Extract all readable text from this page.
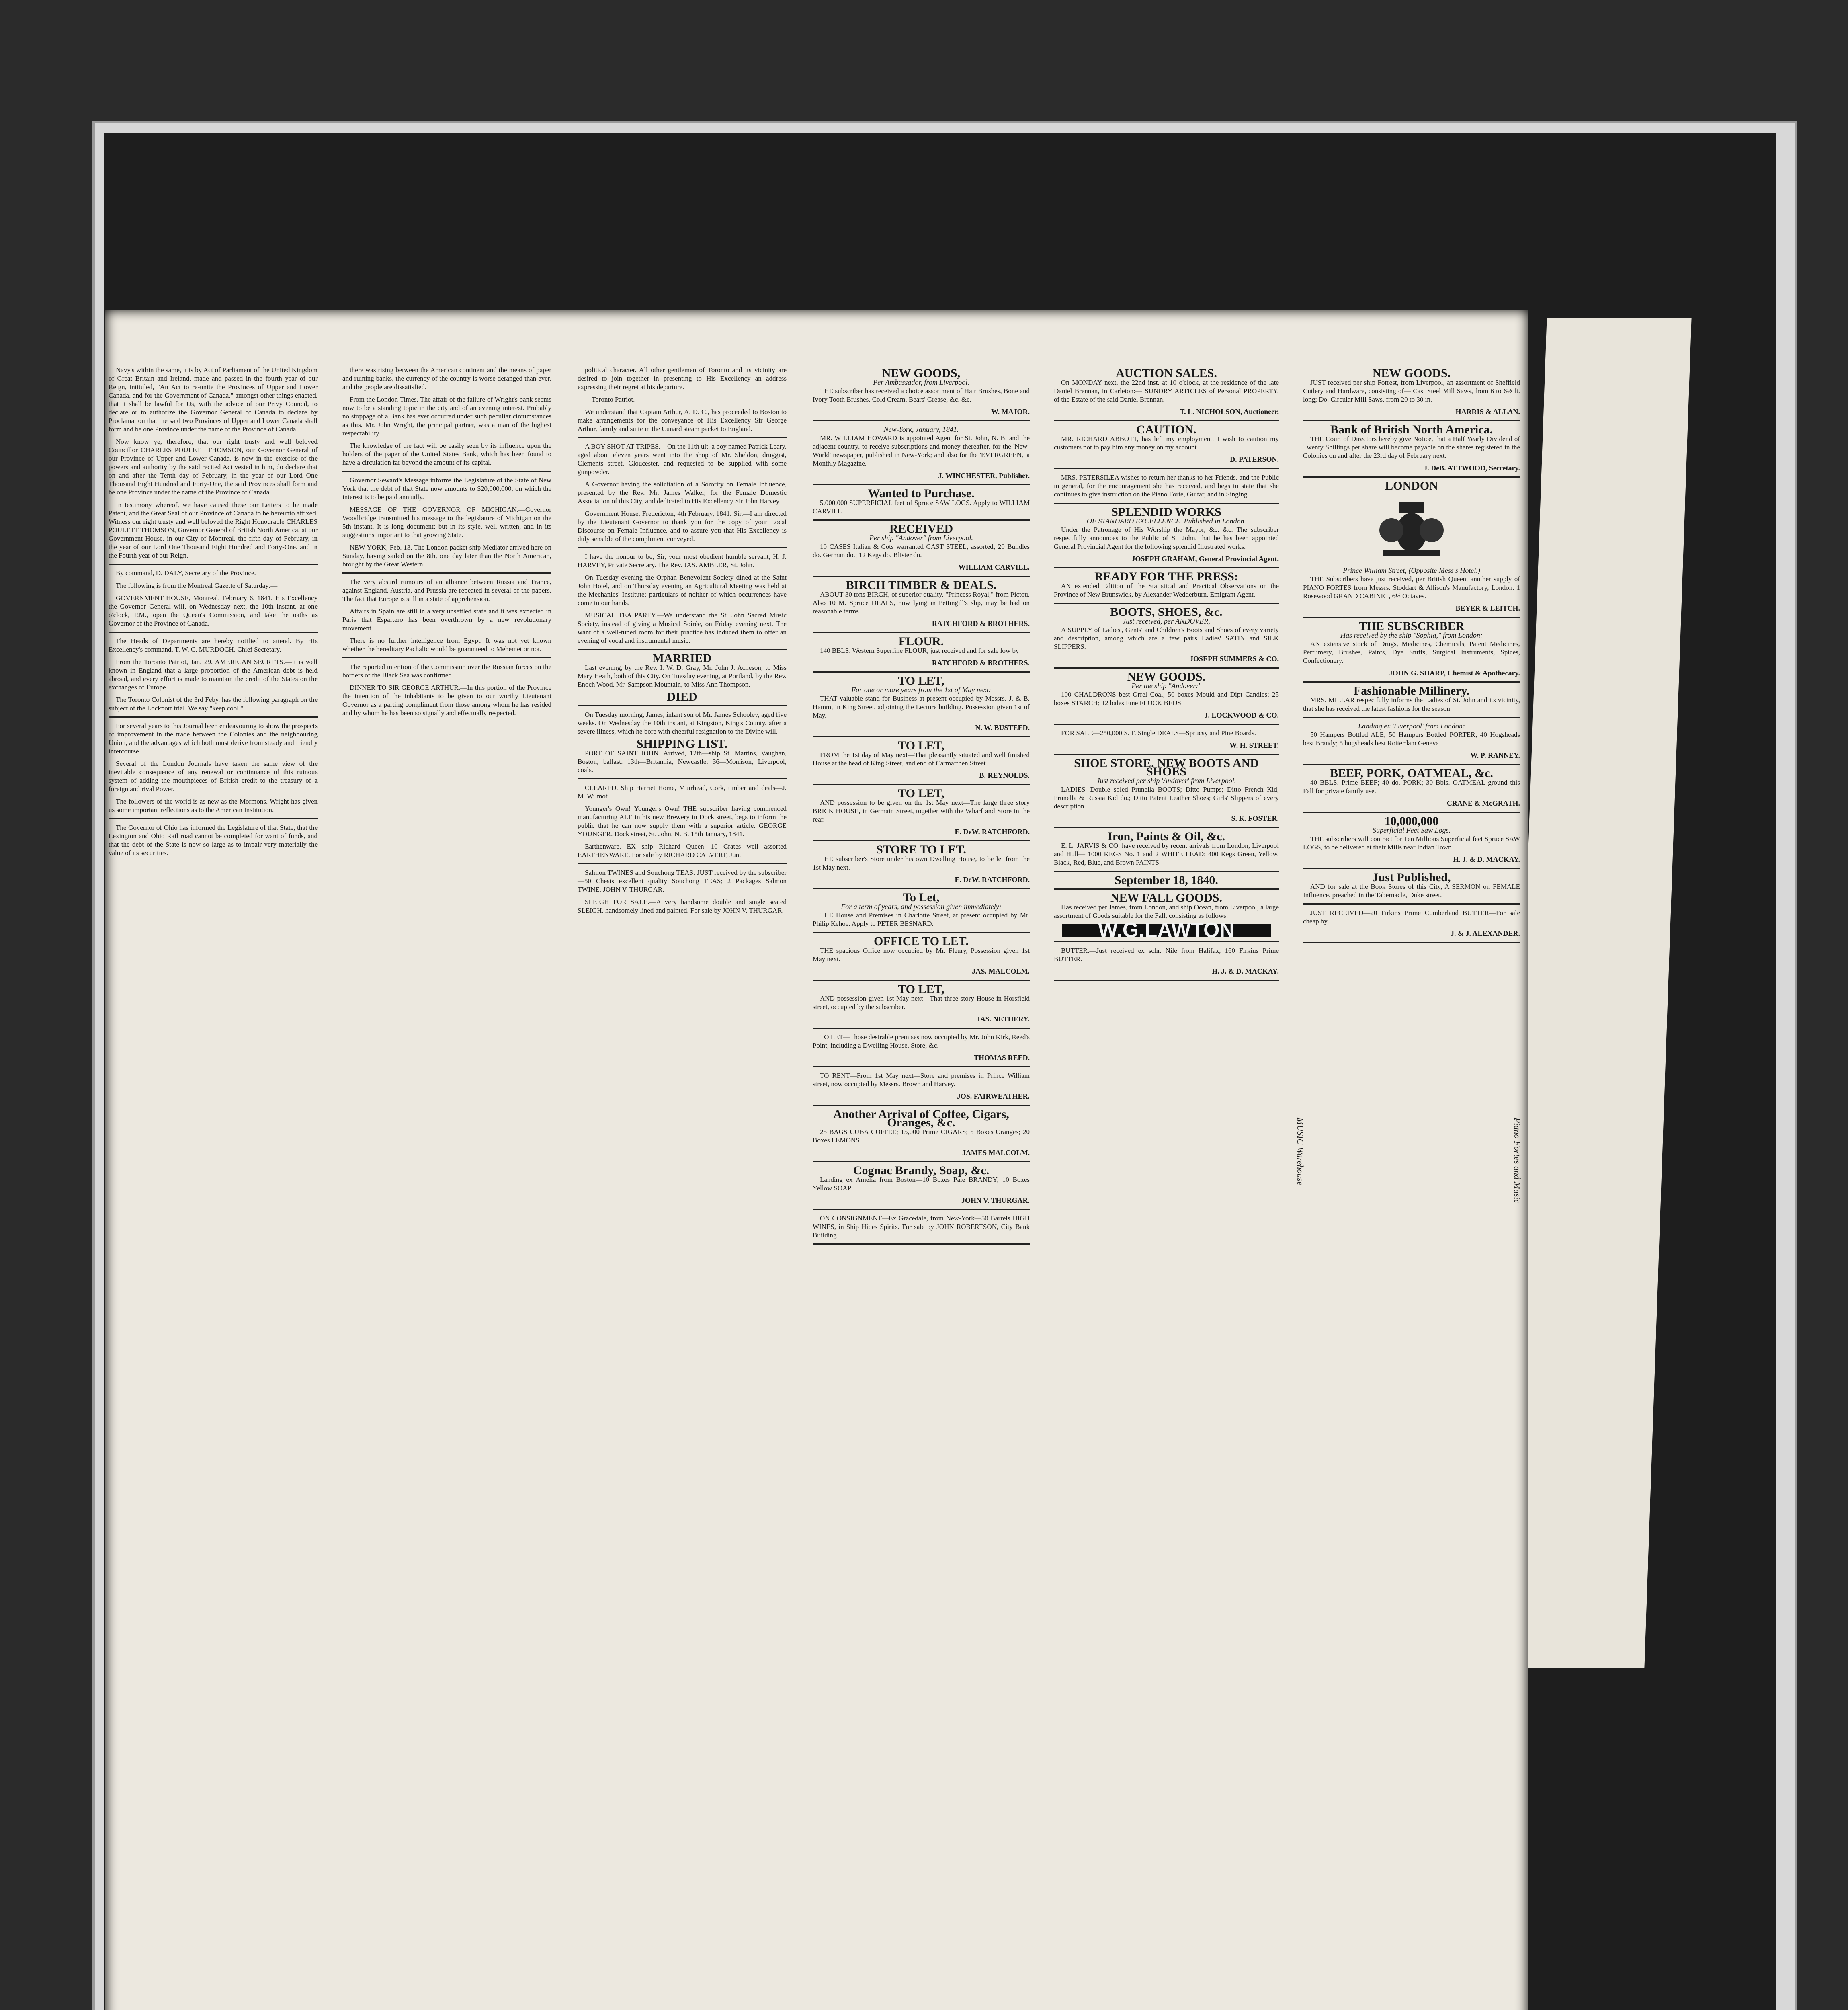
Navy's within the same, it is by Act of Parliament of the United Kingdom of Great Britain and Ireland, made and passed in the fourth year of our Reign, intituled, "An Act to re-unite the Provinces of Upper and Lower Canada, and for the Government of Canada," amongst other things enacted, that it shall be lawful for Us, with the advice of our Privy Council, to declare or to authorize the Governor General of Canada to declare by Proclamation that the said two Provinces of Upper and Lower Canada shall form and be one Province under the name of the Province of Canada.

Now know ye, therefore, that our right trusty and well beloved Councillor CHARLES POULETT THOMSON, our Governor General of our Province of Upper and Lower Canada, is now in the exercise of the powers and authority by the said recited Act vested in him, do declare that on and after the Tenth day of February, in the year of our Lord One Thousand Eight Hundred and Forty-One, the said Provinces shall form and be one Province under the name of the Province of Canada.

In testimony whereof, we have caused these our Letters to be made Patent, and the Great Seal of our Province of Canada to be hereunto affixed. Witness our right trusty and well beloved the Right Honourable CHARLES POULETT THOMSON, Governor General of British North America, at our Government House, in our City of Montreal, the fifth day of February, in the year of our Lord One Thousand Eight Hundred and Forty-One, and in the Fourth year of our Reign.

By command, D. DALY, Secretary of the Province.

The following is from the Montreal Gazette of Saturday:—

GOVERNMENT HOUSE, Montreal, February 6, 1841. His Excellency the Governor General will, on Wednesday next, the 10th instant, at one o'clock, P.M., open the Queen's Commission, and take the oaths as Governor of the Province of Canada.

The Heads of Departments are hereby notified to attend. By His Excellency's command, T. W. C. MURDOCH, Chief Secretary.

From the Toronto Patriot, Jan. 29. AMERICAN SECRETS.—It is well known in England that a large proportion of the American debt is held abroad, and every effort is made to maintain the credit of the States on the exchanges of Europe.

The Toronto Colonist of the 3rd Feby. has the following paragraph on the subject of the Lockport trial. We say "keep cool."

For several years to this Journal been endeavouring to show the prospects of improvement in the trade between the Colonies and the neighbouring Union, and the advantages which both must derive from steady and friendly intercourse.

Several of the London Journals have taken the same view of the inevitable consequence of any renewal or continuance of this ruinous system of adding the mouthpieces of British credit to the treasury of a foreign and rival Power.

The followers of the world is as new as the Mormons. Wright has given us some important reflections as to the American Institution.

The Governor of Ohio has informed the Legislature of that State, that the Lexington and Ohio Rail road cannot be completed for want of funds, and that the debt of the State is now so large as to impair very materially the value of its securities.

there was rising between the American continent and the means of paper and ruining banks, the currency of the country is worse deranged than ever, and the people are dissatisfied.

From the London Times. The affair of the failure of Wright's bank seems now to be a standing topic in the city and of an evening interest. Probably no stoppage of a Bank has ever occurred under such peculiar circumstances as this. Mr. John Wright, the principal partner, was a man of the highest respectability.

The knowledge of the fact will be easily seen by its influence upon the holders of the paper of the United States Bank, which has been found to have a circulation far beyond the amount of its capital.

Governor Seward's Message informs the Legislature of the State of New York that the debt of that State now amounts to $20,000,000, on which the interest is to be paid annually.

MESSAGE OF THE GOVERNOR OF MICHIGAN.—Governor Woodbridge transmitted his message to the legislature of Michigan on the 5th instant. It is long document; but in its style, well written, and in its suggestions important to that growing State.

NEW YORK, Feb. 13. The London packet ship Mediator arrived here on Sunday, having sailed on the 8th, one day later than the North American, brought by the Great Western.

The very absurd rumours of an alliance between Russia and France, against England, Austria, and Prussia are repeated in several of the papers. The fact that Europe is still in a state of apprehension.

Affairs in Spain are still in a very unsettled state and it was expected in Paris that Espartero has been overthrown by a new revolutionary movement.

There is no further intelligence from Egypt. It was not yet known whether the hereditary Pachalic would be guaranteed to Mehemet or not.

The reported intention of the Commission over the Russian forces on the borders of the Black Sea was confirmed.

DINNER TO SIR GEORGE ARTHUR.—In this portion of the Province the intention of the inhabitants to be given to our worthy Lieutenant Governor as a parting compliment from those among whom he has resided and by whom he has been so signally and effectually respected.

political character. All other gentlemen of Toronto and its vicinity are desired to join together in presenting to His Excellency an address expressing their regret at his departure.

—Toronto Patriot.

We understand that Captain Arthur, A. D. C., has proceeded to Boston to make arrangements for the conveyance of His Excellency Sir George Arthur, family and suite in the Cunard steam packet to England.

A BOY SHOT AT TRIPES.—On the 11th ult. a boy named Patrick Leary, aged about eleven years went into the shop of Mr. Sheldon, druggist, Clements street, Gloucester, and requested to be supplied with some gunpowder.

A Governor having the solicitation of a Sorority on Female Influence, presented by the Rev. Mr. James Walker, for the Female Domestic Association of this City, and dedicated to His Excellency Sir John Harvey.

Government House, Fredericton, 4th February, 1841. Sir,—I am directed by the Lieutenant Governor to thank you for the copy of your Local Discourse on Female Influence, and to assure you that His Excellency is duly sensible of the compliment conveyed.

I have the honour to be, Sir, your most obedient humble servant, H. J. HARVEY, Private Secretary. The Rev. JAS. AMBLER, St. John.

On Tuesday evening the Orphan Benevolent Society dined at the Saint John Hotel, and on Thursday evening an Agricultural Meeting was held at the Mechanics' Institute; particulars of neither of which occurrences have come to our hands.

MUSICAL TEA PARTY.—We understand the St. John Sacred Music Society, instead of giving a Musical Soirée, on Friday evening next. The want of a well-tuned room for their practice has induced them to offer an evening of vocal and instrumental music.

MARRIED

Last evening, by the Rev. I. W. D. Gray, Mr. John J. Acheson, to Miss Mary Heath, both of this City. On Tuesday evening, at Portland, by the Rev. Enoch Wood, Mr. Sampson Mountain, to Miss Ann Thompson.

DIED

On Tuesday morning, James, infant son of Mr. James Schooley, aged five weeks. On Wednesday the 10th instant, at Kingston, King's County, after a severe illness, which he bore with cheerful resignation to the Divine will.

SHIPPING LIST.

PORT OF SAINT JOHN. Arrived, 12th—ship St. Martins, Vaughan, Boston, ballast. 13th—Britannia, Newcastle, 36—Morrison, Liverpool, coals.

CLEARED. Ship Harriet Home, Muirhead, Cork, timber and deals—J. M. Wilmot.

Younger's Own! Younger's Own! THE subscriber having commenced manufacturing ALE in his new Brewery in Dock street, begs to inform the public that he can now supply them with a superior article. GEORGE YOUNGER. Dock street, St. John, N. B. 15th January, 1841.

Earthenware. EX ship Richard Queen—10 Crates well assorted EARTHENWARE. For sale by RICHARD CALVERT, Jun.

Salmon TWINES and Souchong TEAS. JUST received by the subscriber—50 Chests excellent quality Souchong TEAS; 2 Packages Salmon TWINE. JOHN V. THURGAR.

SLEIGH FOR SALE.—A very handsome double and single seated SLEIGH, handsomely lined and painted. For sale by JOHN V. THURGAR.

NEW GOODS,
Per Ambassador, from Liverpool.

THE subscriber has received a choice assortment of Hair Brushes, Bone and Ivory Tooth Brushes, Cold Cream, Bears' Grease, &c. &c.

W. MAJOR.
New-York, January, 1841.

MR. WILLIAM HOWARD is appointed Agent for St. John, N. B. and the adjacent country, to receive subscriptions and money thereafter, for the 'New-World' newspaper, published in New-York; and also for the 'EVERGREEN,' a Monthly Magazine.

J. WINCHESTER, Publisher.
Wanted to Purchase.

5,000,000 SUPERFICIAL feet of Spruce SAW LOGS. Apply to WILLIAM CARVILL.

RECEIVED
Per ship "Andover" from Liverpool.

10 CASES Italian & Cots warranted CAST STEEL, assorted; 20 Bundles do. German do.; 12 Kegs do. Blister do.

WILLIAM CARVILL.
BIRCH TIMBER & DEALS.

ABOUT 30 tons BIRCH, of superior quality, "Princess Royal," from Pictou. Also 10 M. Spruce DEALS, now lying in Pettingill's slip, may be had on reasonable terms.

RATCHFORD & BROTHERS.
FLOUR.

140 BBLS. Western Superfine FLOUR, just received and for sale low by

RATCHFORD & BROTHERS.
TO LET,
For one or more years from the 1st of May next:

THAT valuable stand for Business at present occupied by Messrs. J. & B. Hamm, in King Street, adjoining the Lecture building. Possession given 1st of May.

N. W. BUSTEED.
TO LET,

FROM the 1st day of May next—That pleasantly situated and well finished House at the head of King Street, and end of Carmarthen Street.

B. REYNOLDS.
TO LET,

AND possession to be given on the 1st May next—The large three story BRICK HOUSE, in Germain Street, together with the Wharf and Store in the rear.

E. DeW. RATCHFORD.
STORE TO LET.

THE subscriber's Store under his own Dwelling House, to be let from the 1st May next.

E. DeW. RATCHFORD.
To Let,
For a term of years, and possession given immediately:

THE House and Premises in Charlotte Street, at present occupied by Mr. Philip Kehoe. Apply to PETER BESNARD.

OFFICE TO LET.

THE spacious Office now occupied by Mr. Fleury, Possession given 1st May next.

JAS. MALCOLM.
TO LET,

AND possession given 1st May next—That three story House in Horsfield street, occupied by the subscriber.

JAS. NETHERY.

TO LET—Those desirable premises now occupied by Mr. John Kirk, Reed's Point, including a Dwelling House, Store, &c.

THOMAS REED.

TO RENT—From 1st May next—Store and premises in Prince William street, now occupied by Messrs. Brown and Harvey.

JOS. FAIRWEATHER.
Another Arrival of Coffee, Cigars, Oranges, &c.

25 BAGS CUBA COFFEE; 15,000 Prime CIGARS; 5 Boxes Oranges; 20 Boxes LEMONS.

JAMES MALCOLM.
Cognac Brandy, Soap, &c.

Landing ex Amelia from Boston—10 Boxes Pale BRANDY; 10 Boxes Yellow SOAP.

JOHN V. THURGAR.

ON CONSIGNMENT—Ex Gracedale, from New-York—50 Barrels HIGH WINES, in Ship Hides Spirits. For sale by JOHN ROBERTSON, City Bank Building.

AUCTION SALES.

On MONDAY next, the 22nd inst. at 10 o'clock, at the residence of the late Daniel Brennan, in Carleton:— SUNDRY ARTICLES of Personal PROPERTY, of the Estate of the said Daniel Brennan.

T. L. NICHOLSON, Auctioneer.
CAUTION.

MR. RICHARD ABBOTT, has left my employment. I wish to caution my customers not to pay him any money on my account.

D. PATERSON.

MRS. PETERSILEA wishes to return her thanks to her Friends, and the Public in general, for the encouragement she has received, and begs to state that she continues to give instruction on the Piano Forte, Guitar, and in Singing.

SPLENDID WORKS
OF STANDARD EXCELLENCE. Published in London.

Under the Patronage of His Worship the Mayor, &c. &c. The subscriber respectfully announces to the Public of St. John, that he has been appointed General Provincial Agent for the following splendid Illustrated works.

JOSEPH GRAHAM, General Provincial Agent.
READY FOR THE PRESS:

AN extended Edition of the Statistical and Practical Observations on the Province of New Brunswick, by Alexander Wedderburn, Emigrant Agent.

BOOTS, SHOES, &c.
Just received, per ANDOVER,

A SUPPLY of Ladies', Gents' and Children's Boots and Shoes of every variety and description, among which are a few pairs Ladies' SATIN and SILK SLIPPERS.

JOSEPH SUMMERS & CO.
NEW GOODS.
Per the ship "Andover:"

100 CHALDRONS best Orrel Coal; 50 boxes Mould and Dipt Candles; 25 boxes STARCH; 12 bales Fine FLOCK BEDS.

J. LOCKWOOD & CO.

FOR SALE—250,000 S. F. Single DEALS—Sprucsy and Pine Boards.

W. H. STREET.
SHOE STORE. NEW BOOTS AND SHOES
Just received per ship 'Andover' from Liverpool.

LADIES' Double soled Prunella BOOTS; Ditto Pumps; Ditto French Kid, Prunella & Russia Kid do.; Ditto Patent Leather Shoes; Girls' Slippers of every description.

S. K. FOSTER.
Iron, Paints & Oil, &c.

E. L. JARVIS & CO. have received by recent arrivals from London, Liverpool and Hull— 1000 KEGS No. 1 and 2 WHITE LEAD; 400 Kegs Green, Yellow, Black, Red, Blue, and Brown PAINTS.

September 18, 1840.
NEW FALL GOODS.

Has received per James, from London, and ship Ocean, from Liverpool, a large assortment of Goods suitable for the Fall, consisting as follows:

W.G.LAWTON

BUTTER.—Just received ex schr. Nile from Halifax, 160 Firkins Prime BUTTER.

H. J. & D. MACKAY.
NEW GOODS.

JUST received per ship Forrest, from Liverpool, an assortment of Sheffield Cutlery and Hardware, consisting of— Cast Steel Mill Saws, from 6 to 6½ ft. long; Do. Circular Mill Saws, from 20 to 30 in.

HARRIS & ALLAN.
Bank of British North America.

THE Court of Directors hereby give Notice, that a Half Yearly Dividend of Twenty Shillings per share will become payable on the shares registered in the Colonies on and after the 23rd day of February next.

J. DeB. ATTWOOD, Secretary.
LONDON
Prince William Street, (Opposite Mess's Hotel.)

THE Subscribers have just received, per British Queen, another supply of PIANO FORTES from Messrs. Stoddart & Allison's Manufactory, London. 1 Rosewood GRAND CABINET, 6½ Octaves.

BEYER & LEITCH.
THE SUBSCRIBER
Has received by the ship "Sophia," from London:

AN extensive stock of Drugs, Medicines, Chemicals, Patent Medicines, Perfumery, Brushes, Paints, Dye Stuffs, Surgical Instruments, Spices, Confectionery.

JOHN G. SHARP, Chemist & Apothecary.
Fashionable Millinery.

MRS. MILLAR respectfully informs the Ladies of St. John and its vicinity, that she has received the latest fashions for the season.

Landing ex 'Liverpool' from London:

50 Hampers Bottled ALE; 50 Hampers Bottled PORTER; 40 Hogsheads best Brandy; 5 hogsheads best Rotterdam Geneva.

W. P. RANNEY.
BEEF, PORK, OATMEAL, &c.

40 BBLS. Prime BEEF; 40 do. PORK; 30 Bbls. OATMEAL ground this Fall for private family use.

CRANE & McGRATH.
10,000,000
Superficial Feet Saw Logs.

THE subscribers will contract for Ten Millions Superficial feet Spruce SAW LOGS, to be delivered at their Mills near Indian Town.

H. J. & D. MACKAY.
Just Published,

AND for sale at the Book Stores of this City, A SERMON on FEMALE Influence, preached in the Tabernacle, Duke street.

JUST RECEIVED—20 Firkins Prime Cumberland BUTTER—For sale cheap by

J. & J. ALEXANDER.
MUSIC Warehouse	Piano Fortes and Music
